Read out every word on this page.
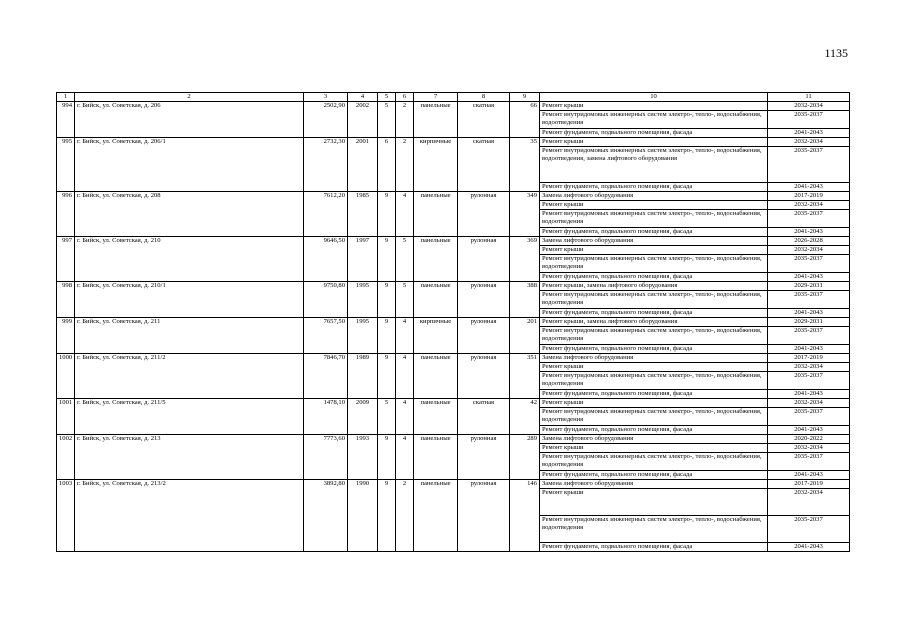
1135
1	2	3	4	5	6	7	8	9	10	11
994	г. Бийск, ул. Советская, д. 206	2502,90	2002	5	2	панельные	скатная	66	Ремонт крыши	2032-2034
									Ремонт внутридомовых инженерных систем электро-, тепло-, водоснабжения, водоотведения	2035-2037
									Ремонт фундамента, подвального помещения, фасада	2041-2043
995	г. Бийск, ул. Советская, д. 206/1	2732,30	2001	6	2	кирпичные	скатная	35	Ремонт крыши	2032-2034
									Ремонт внутридомовых инженерных систем электро-, тепло-, водоснабжения, водоотведения, замена лифтового оборудования	2035-2037
									Ремонт фундамента, подвального помещения, фасада	2041-2043
996	г. Бийск, ул. Советская, д. 208	7612,20	1985	9	4	панельные	рулонная	349	Замена лифтового оборудования	2017-2019
									Ремонт крыши	2032-2034
									Ремонт внутридомовых инженерных систем электро-, тепло-, водоснабжения, водоотведения	2035-2037
									Ремонт фундамента, подвального помещения, фасада	2041-2043
997	г. Бийск, ул. Советская, д. 210	9646,50	1997	9	5	панельные	рулонная	369	Замена лифтового оборудования	2026-2028
									Ремонт крыши	2032-2034
									Ремонт внутридомовых инженерных систем электро-, тепло-, водоснабжения, водоотведения	2035-2037
									Ремонт фундамента, подвального помещения, фасада	2041-2043
998	г. Бийск, ул. Советская, д. 210/1	9750,80	1995	9	5	панельные	рулонная	388	Ремонт крыши, замена лифтового оборудования	2029-2031
									Ремонт внутридомовых инженерных систем электро-, тепло-, водоснабжения, водоотведения	2035-2037
									Ремонт фундамента, подвального помещения, фасада	2041-2043
999	г. Бийск, ул. Советская, д. 211	7657,50	1995	9	4	кирпичные	рулонная	201	Ремонт крыши, замена лифтового оборудования	2029-2031
									Ремонт внутридомовых инженерных систем электро-, тепло-, водоснабжения, водоотведения	2035-2037
									Ремонт фундамента, подвального помещения, фасада	2041-2043
1000	г. Бийск, ул. Советская, д. 211/2	7846,70	1989	9	4	панельные	рулонная	351	Замена лифтового оборудования	2017-2019
									Ремонт крыши	2032-2034
									Ремонт внутридомовых инженерных систем электро-, тепло-, водоснабжения, водоотведения	2035-2037
									Ремонт фундамента, подвального помещения, фасада	2041-2043
1001	г. Бийск, ул. Советская, д. 211/5	1478,10	2009	5	4	панельные	скатная	42	Ремонт крыши	2032-2034
									Ремонт внутридомовых инженерных систем электро-, тепло-, водоснабжения, водоотведения	2035-2037
									Ремонт фундамента, подвального помещения, фасада	2041-2043
1002	г. Бийск, ул. Советская, д. 213	7773,60	1993	9	4	панельные	рулонная	289	Замена лифтового оборудования	2020-2022
									Ремонт крыши	2032-2034
									Ремонт внутридомовых инженерных систем электро-, тепло-, водоснабжения, водоотведения	2035-2037
									Ремонт фундамента, подвального помещения, фасада	2041-2043
1003	г. Бийск, ул. Советская, д. 213/2	3892,80	1990	9	2	панельные	рулонная	146	Замена лифтового оборудования	2017-2019
									Ремонт крыши	2032-2034
									Ремонт внутридомовых инженерных систем электро-, тепло-, водоснабжения, водоотведения	2035-2037
									Ремонт фундамента, подвального помещения, фасада	2041-2043
